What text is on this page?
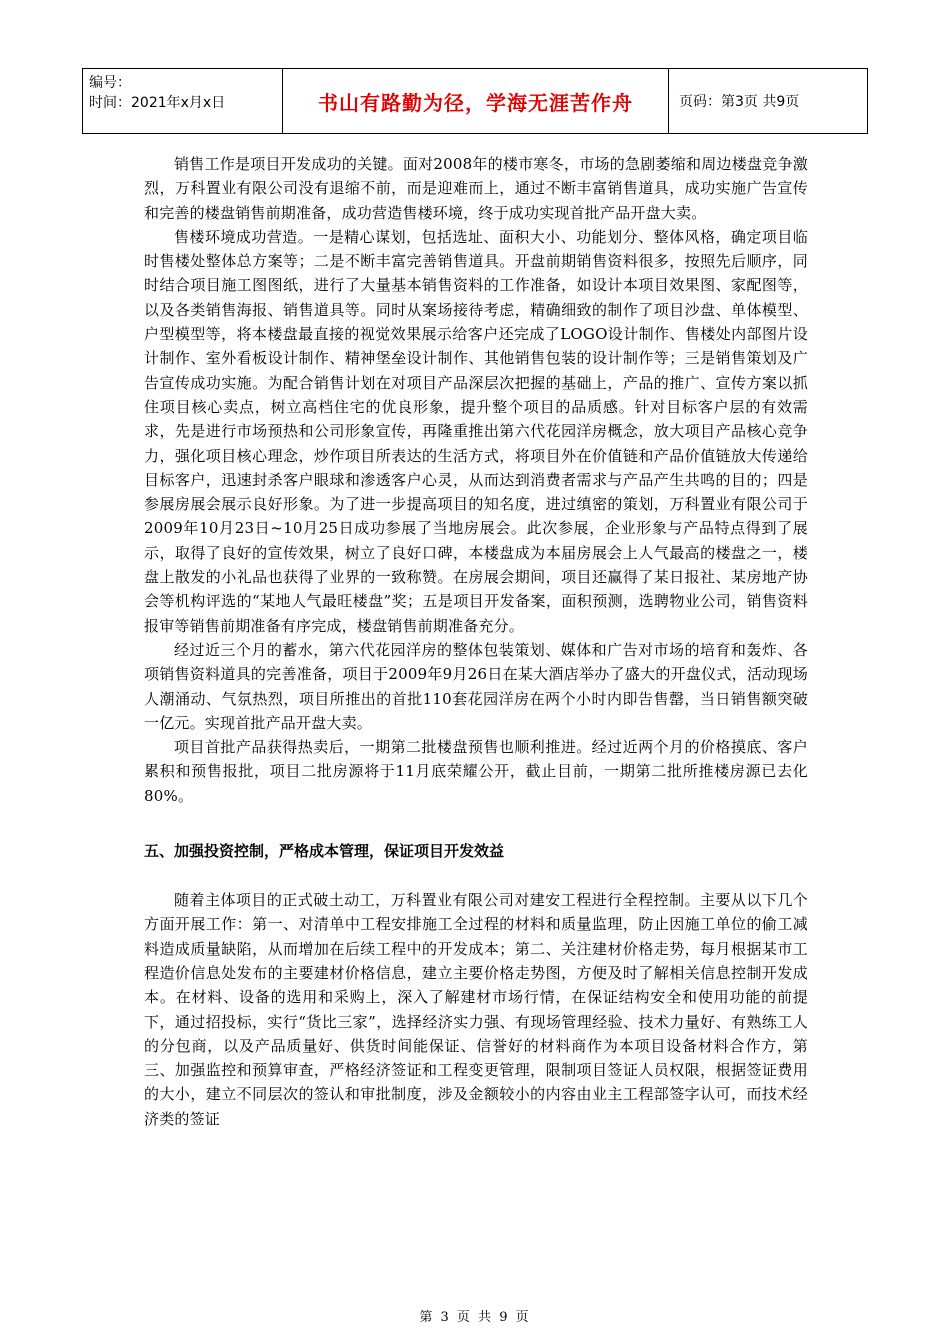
编号：
时间：2021年x月x日	书山有路勤为径，学海无涯苦作舟	页码：第3页 共9页

销售工作是项目开发成功的关键。面对2008年的楼市寒冬，市场的急剧萎缩和周边楼盘竞争激烈，万科置业有限公司没有退缩不前，而是迎难而上，通过不断丰富销售道具，成功实施广告宣传和完善的楼盘销售前期准备，成功营造售楼环境，终于成功实现首批产品开盘大卖。

售楼环境成功营造。一是精心谋划，包括选址、面积大小、功能划分、整体风格，确定项目临时售楼处整体总方案等；二是不断丰富完善销售道具。开盘前期销售资料很多，按照先后顺序，同时结合项目施工图图纸，进行了大量基本销售资料的工作准备，如设计本项目效果图、家配图等，以及各类销售海报、销售道具等。同时从案场接待考虑，精确细致的制作了项目沙盘、单体模型、户型模型等，将本楼盘最直接的视觉效果展示给客户还完成了LOGO设计制作、售楼处内部图片设计制作、室外看板设计制作、精神堡垒设计制作、其他销售包装的设计制作等；三是销售策划及广告宣传成功实施。为配合销售计划在对项目产品深层次把握的基础上，产品的推广、宣传方案以抓住项目核心卖点，树立高档住宅的优良形象，提升整个项目的品质感。针对目标客户层的有效需求，先是进行市场预热和公司形象宣传，再隆重推出第六代花园洋房概念，放大项目产品核心竞争力，强化项目核心理念，炒作项目所表达的生活方式，将项目外在价值链和产品价值链放大传递给目标客户，迅速封杀客户眼球和渗透客户心灵，从而达到消费者需求与产品产生共鸣的目的；四是参展房展会展示良好形象。为了进一步提高项目的知名度，进过缜密的策划，万科置业有限公司于2009年10月23日~10月25日成功参展了当地房展会。此次参展，企业形象与产品特点得到了展示，取得了良好的宣传效果，树立了良好口碑，本楼盘成为本届房展会上人气最高的楼盘之一，楼盘上散发的小礼品也获得了业界的一致称赞。在房展会期间，项目还赢得了某日报社、某房地产协会等机构评选的“某地人气最旺楼盘”奖；五是项目开发备案，面积预测，选聘物业公司，销售资料报审等销售前期准备有序完成，楼盘销售前期准备充分。

经过近三个月的蓄水，第六代花园洋房的整体包装策划、媒体和广告对市场的培育和轰炸、各项销售资料道具的完善准备，项目于2009年9月26日在某大酒店举办了盛大的开盘仪式，活动现场人潮涌动、气氛热烈，项目所推出的首批110套花园洋房在两个小时内即告售罄，当日销售额突破一亿元。实现首批产品开盘大卖。

项目首批产品获得热卖后，一期第二批楼盘预售也顺利推进。经过近两个月的价格摸底、客户累积和预售报批，项目二批房源将于11月底荣耀公开，截止目前，一期第二批所推楼房源已去化80%。

五、加强投资控制，严格成本管理，保证项目开发效益

随着主体项目的正式破土动工，万科置业有限公司对建安工程进行全程控制。主要从以下几个方面开展工作：第一、对清单中工程安排施工全过程的材料和质量监理，防止因施工单位的偷工减料造成质量缺陷，从而增加在后续工程中的开发成本；第二、关注建材价格走势，每月根据某市工程造价信息处发布的主要建材价格信息，建立主要价格走势图，方便及时了解相关信息控制开发成本。在材料、设备的选用和采购上，深入了解建材市场行情，在保证结构安全和使用功能的前提下，通过招投标，实行“货比三家”，选择经济实力强、有现场管理经验、技术力量好、有熟练工人的分包商，以及产品质量好、供货时间能保证、信誉好的材料商作为本项目设备材料合作方，第三、加强监控和预算审查，严格经济签证和工程变更管理，限制项目签证人员权限，根据签证费用的大小，建立不同层次的签认和审批制度，涉及金额较小的内容由业主工程部签字认可，而技术经济类的签证

第 3 页 共 9 页
